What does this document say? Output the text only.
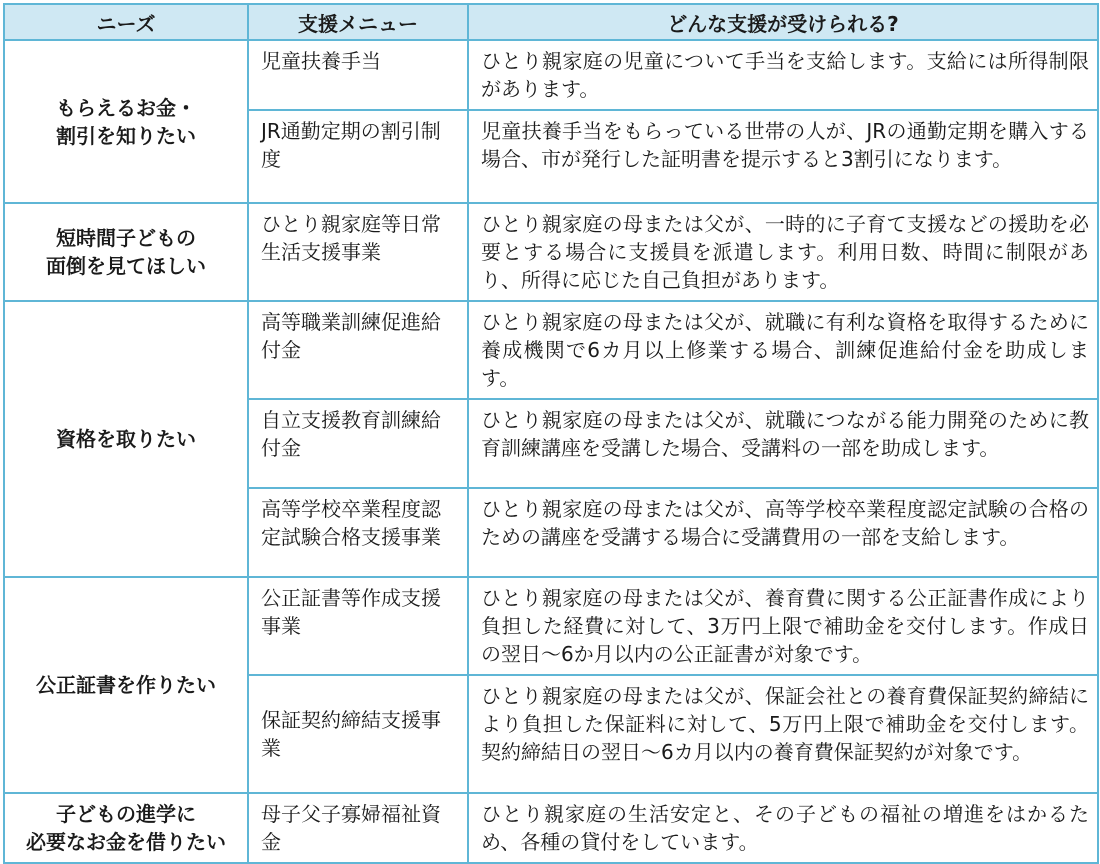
ニーズ	支援メニュー	どんな支援が受けられる?

もらえるお金・
割引を知りたい	児童扶養手当	ひとり親家庭の児童について手当を支給します。支給には所得制限があります。
	JR通勤定期の割引制度	児童扶養手当をもらっている世帯の人が、JRの通勤定期を購入する場合、市が発行した証明書を提示すると3割引になります。

短時間子どもの
面倒を見てほしい	ひとり親家庭等日常生活支援事業	ひとり親家庭の母または父が、一時的に子育て支援などの援助を必要とする場合に支援員を派遣します。利用日数、時間に制限があり、所得に応じた自己負担があります。

資格を取りたい	高等職業訓練促進給付金	ひとり親家庭の母または父が、就職に有利な資格を取得するために養成機関で6カ月以上修業する場合、訓練促進給付金を助成します。
	自立支援教育訓練給付金	ひとり親家庭の母または父が、就職につながる能力開発のために教育訓練講座を受講した場合、受講料の一部を助成します。
	高等学校卒業程度認定試験合格支援事業	ひとり親家庭の母または父が、高等学校卒業程度認定試験の合格のための講座を受講する場合に受講費用の一部を支給します。

公正証書を作りたい	公正証書等作成支援事業	ひとり親家庭の母または父が、養育費に関する公正証書作成により負担した経費に対して、3万円上限で補助金を交付します。作成日の翌日～6か月以内の公正証書が対象です。
	保証契約締結支援事業	ひとり親家庭の母または父が、保証会社との養育費保証契約締結により負担した保証料に対して、5万円上限で補助金を交付します。契約締結日の翌日～6カ月以内の養育費保証契約が対象です。

子どもの進学に
必要なお金を借りたい	母子父子寡婦福祉資金	ひとり親家庭の生活安定と、その子どもの福祉の増進をはかるため、各種の貸付をしています。
